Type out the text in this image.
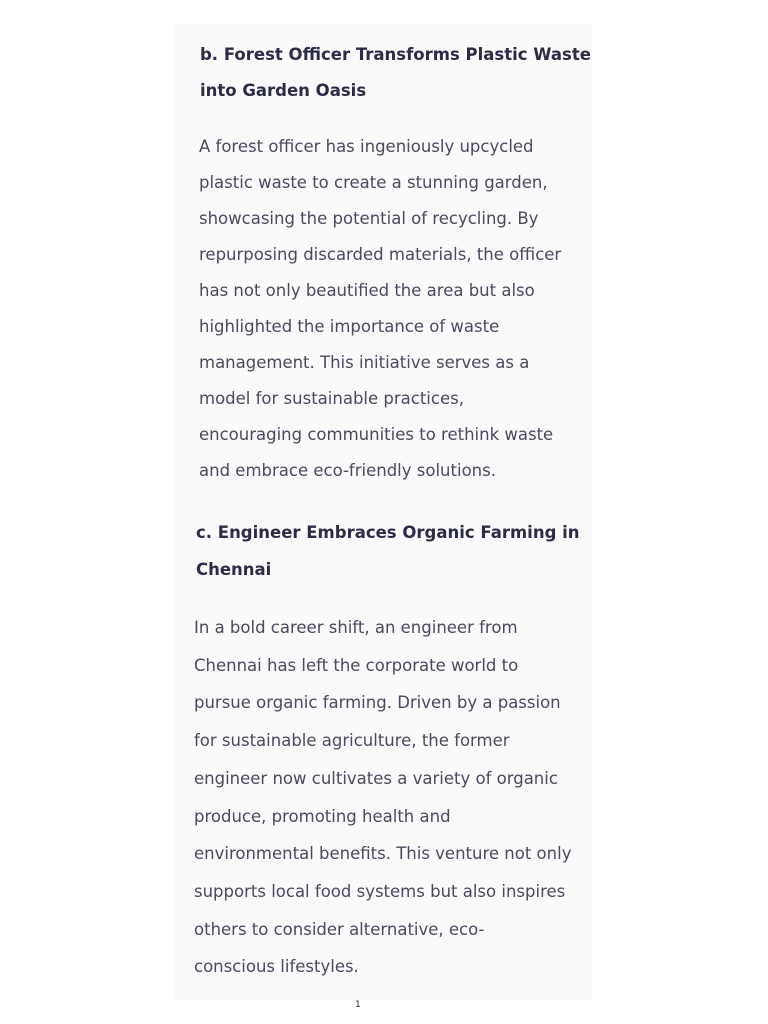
b. Forest Officer Transforms Plastic Waste
into Garden Oasis

A forest officer has ingeniously upcycled
plastic waste to create a stunning garden,
showcasing the potential of recycling. By
repurposing discarded materials, the officer
has not only beautified the area but also
highlighted the importance of waste
management. This initiative serves as a
model for sustainable practices,
encouraging communities to rethink waste
and embrace eco-friendly solutions.

c. Engineer Embraces Organic Farming in
Chennai

In a bold career shift, an engineer from
Chennai has left the corporate world to
pursue organic farming. Driven by a passion
for sustainable agriculture, the former
engineer now cultivates a variety of organic
produce, promoting health and
environmental benefits. This venture not only
supports local food systems but also inspires
others to consider alternative, eco-
conscious lifestyles.

1
